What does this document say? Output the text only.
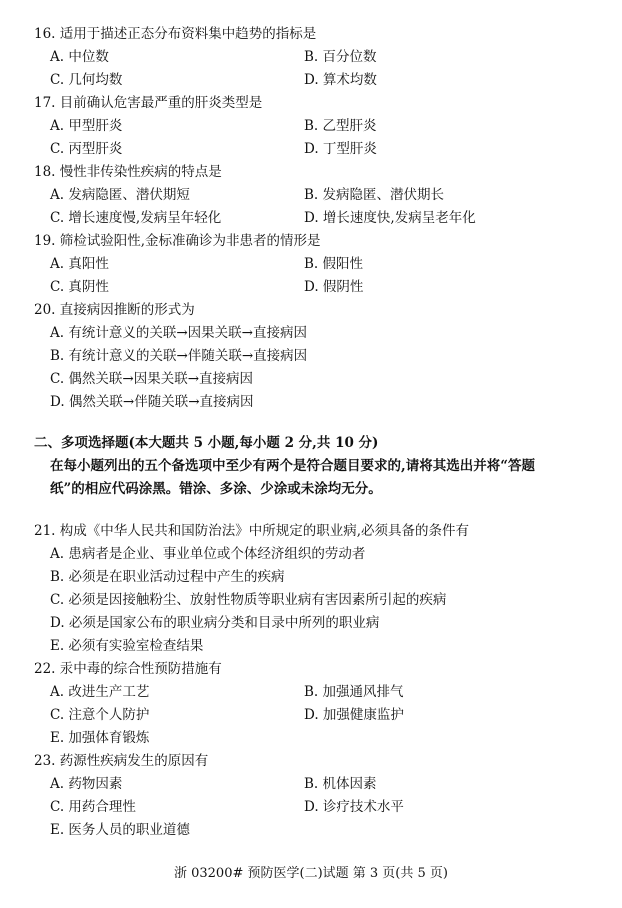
16. 适用于描述正态分布资料集中趋势的指标是
A. 中位数	B. 百分位数
C. 几何均数	D. 算术均数
17. 目前确认危害最严重的肝炎类型是
A. 甲型肝炎	B. 乙型肝炎
C. 丙型肝炎	D. 丁型肝炎
18. 慢性非传染性疾病的特点是
A. 发病隐匿、潜伏期短	B. 发病隐匿、潜伏期长
C. 增长速度慢,发病呈年轻化	D. 增长速度快,发病呈老年化
19. 筛检试验阳性,金标准确诊为非患者的情形是
A. 真阳性	B. 假阳性
C. 真阴性	D. 假阴性
20. 直接病因推断的形式为
A. 有统计意义的关联→因果关联→直接病因
B. 有统计意义的关联→伴随关联→直接病因
C. 偶然关联→因果关联→直接病因
D. 偶然关联→伴随关联→直接病因
二、多项选择题(本大题共 5 小题,每小题 2 分,共 10 分)
在每小题列出的五个备选项中至少有两个是符合题目要求的,请将其选出并将“答题
纸”的相应代码涂黑。错涂、多涂、少涂或未涂均无分。
21. 构成《中华人民共和国防治法》中所规定的职业病,必须具备的条件有
A. 患病者是企业、事业单位或个体经济组织的劳动者
B. 必须是在职业活动过程中产生的疾病
C. 必须是因接触粉尘、放射性物质等职业病有害因素所引起的疾病
D. 必须是国家公布的职业病分类和目录中所列的职业病
E. 必须有实验室检查结果
22. 汞中毒的综合性预防措施有
A. 改进生产工艺	B. 加强通风排气
C. 注意个人防护	D. 加强健康监护
E. 加强体育锻炼
23. 药源性疾病发生的原因有
A. 药物因素	B. 机体因素
C. 用药合理性	D. 诊疗技术水平
E. 医务人员的职业道德
浙 03200# 预防医学(二)试题 第 3 页(共 5 页)
